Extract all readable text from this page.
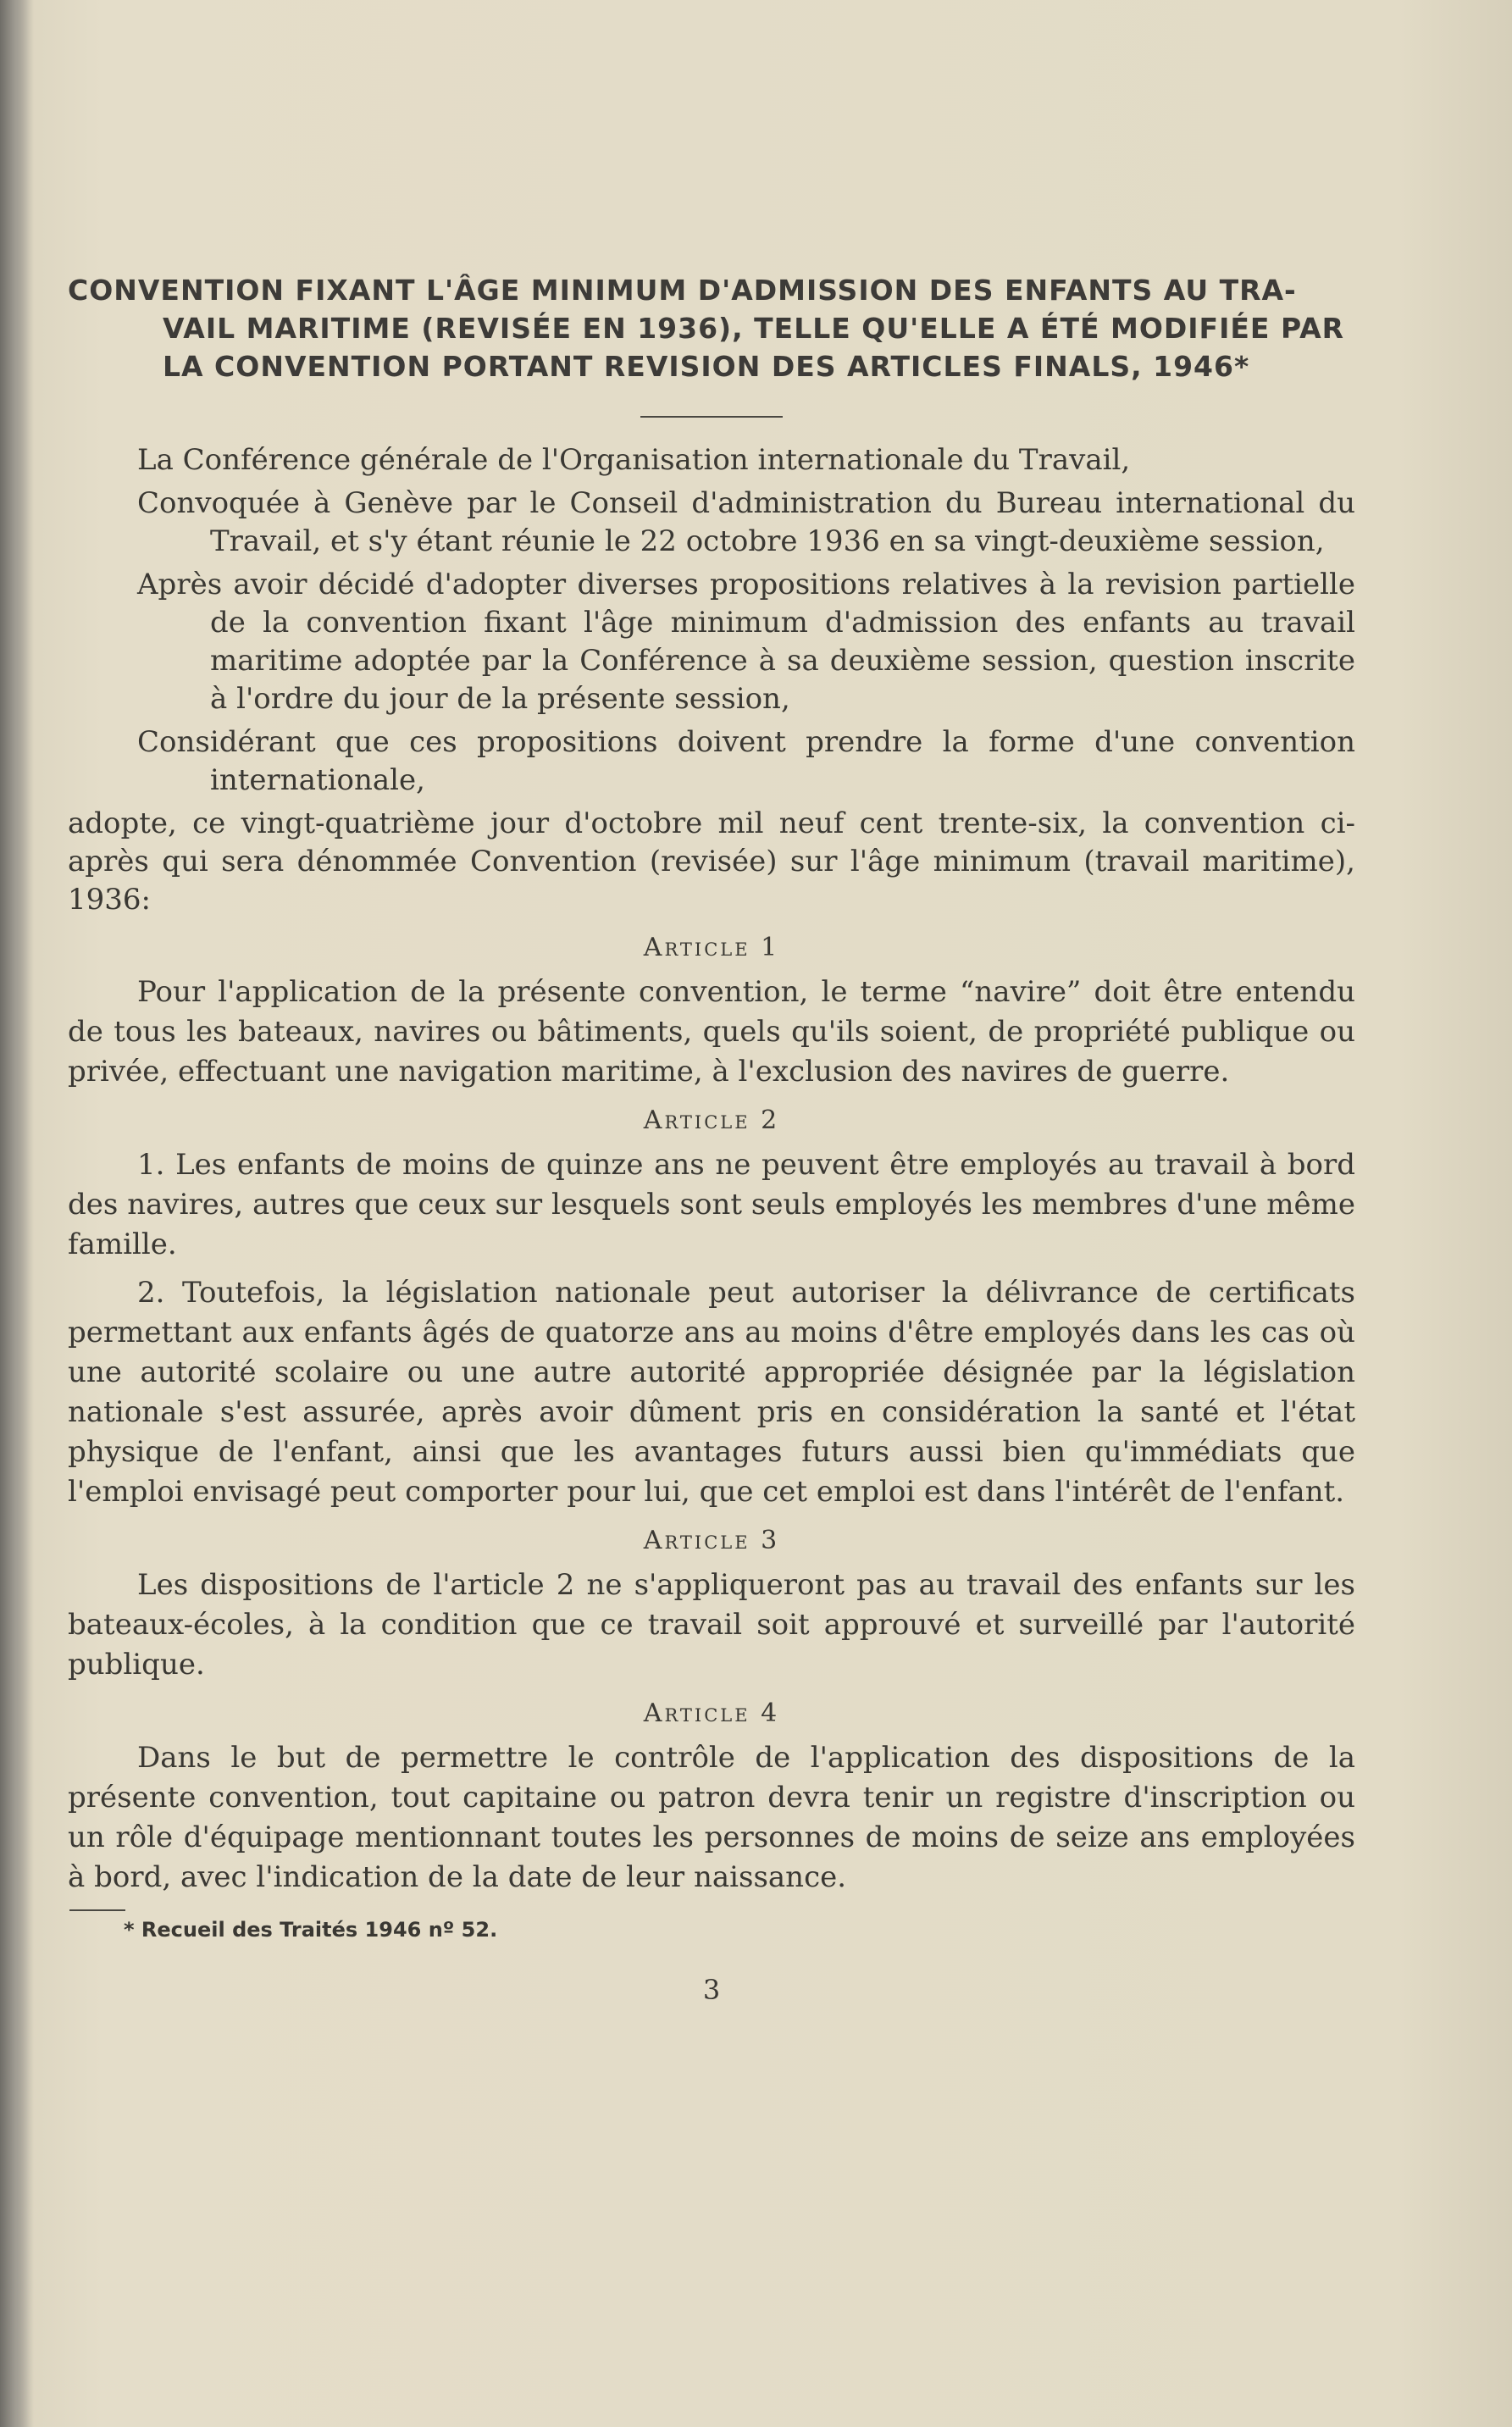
CONVENTION FIXANT L'ÂGE MINIMUM D'ADMISSION DES ENFANTS AU TRA-
VAIL MARITIME (REVISÉE EN 1936), TELLE QU'ELLE A ÉTÉ MODIFIÉE PAR
LA CONVENTION PORTANT REVISION DES ARTICLES FINALS, 1946*

La Conférence générale de l'Organisation internationale du Travail,

Convoquée à Genève par le Conseil d'administration du Bureau international du Travail, et s'y étant réunie le 22 octobre 1936 en sa vingt-deuxième session,

Après avoir décidé d'adopter diverses propositions relatives à la revision partielle de la convention fixant l'âge minimum d'admission des enfants au travail maritime adoptée par la Conférence à sa deuxième session, question inscrite à l'ordre du jour de la présente session,

Considérant que ces propositions doivent prendre la forme d'une convention internationale,

adopte, ce vingt-quatrième jour d'octobre mil neuf cent trente-six, la convention ci-après qui sera dénommée Convention (revisée) sur l'âge minimum (travail maritime), 1936:

Article 1

Pour l'application de la présente convention, le terme “navire” doit être entendu de tous les bateaux, navires ou bâtiments, quels qu'ils soient, de propriété publique ou privée, effectuant une navigation maritime, à l'exclusion des navires de guerre.

Article 2

1. Les enfants de moins de quinze ans ne peuvent être employés au travail à bord des navires, autres que ceux sur lesquels sont seuls employés les membres d'une même famille.

2. Toutefois, la législation nationale peut autoriser la délivrance de certificats permettant aux enfants âgés de quatorze ans au moins d'être employés dans les cas où une autorité scolaire ou une autre autorité appropriée désignée par la législation nationale s'est assurée, après avoir dûment pris en considération la santé et l'état physique de l'enfant, ainsi que les avantages futurs aussi bien qu'immédiats que l'emploi envisagé peut comporter pour lui, que cet emploi est dans l'intérêt de l'enfant.

Article 3

Les dispositions de l'article 2 ne s'appliqueront pas au travail des enfants sur les bateaux-écoles, à la condition que ce travail soit approuvé et surveillé par l'autorité publique.

Article 4

Dans le but de permettre le contrôle de l'application des dispositions de la présente convention, tout capitaine ou patron devra tenir un registre d'inscription ou un rôle d'équipage mentionnant toutes les personnes de moins de seize ans employées à bord, avec l'indication de la date de leur naissance.

* Recueil des Traités 1946 nº 52.

3
